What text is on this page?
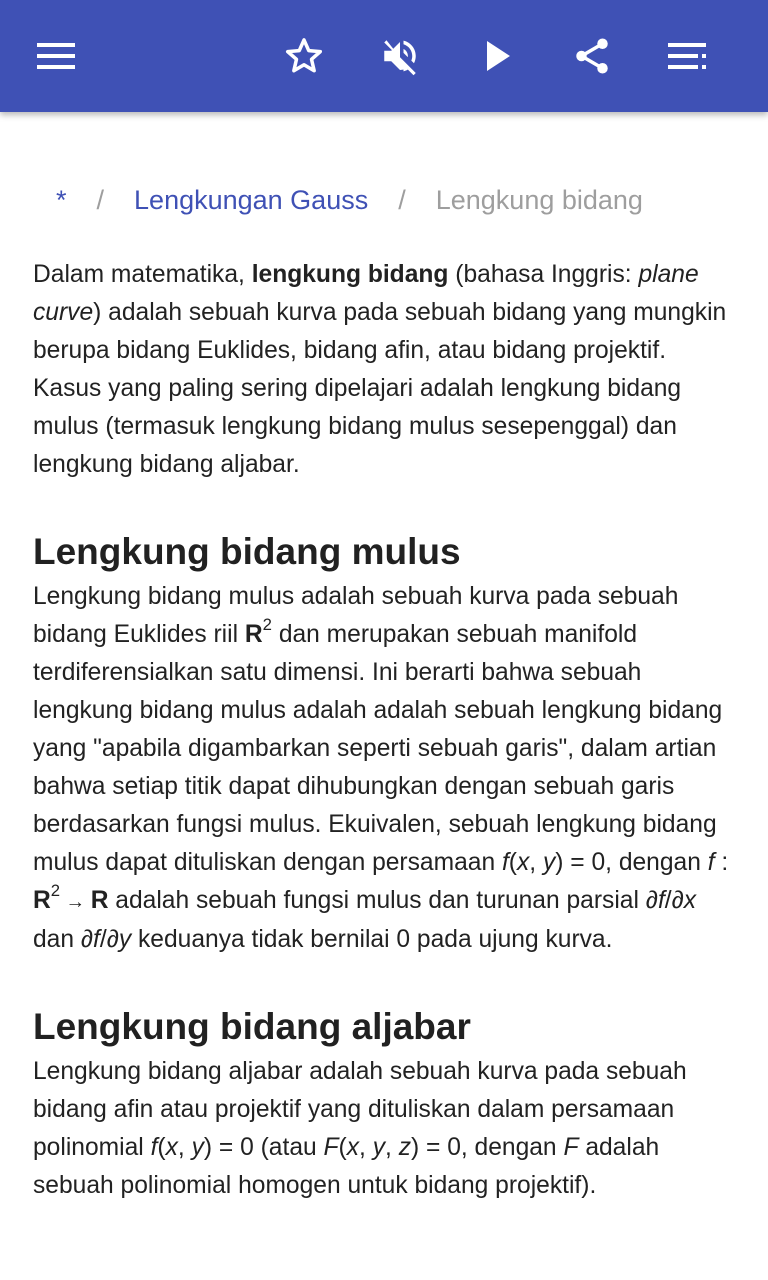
* / Lengkungan Gauss / Lengkung bidang

Dalam matematika, lengkung bidang (bahasa Inggris: plane curve) adalah sebuah kurva pada sebuah bidang yang mungkin berupa bidang Euklides, bidang afin, atau bidang projektif. Kasus yang paling sering dipelajari adalah lengkung bidang mulus (termasuk lengkung bidang mulus sesepenggal) dan lengkung bidang aljabar.

Lengkung bidang mulus

Lengkung bidang mulus adalah sebuah kurva pada sebuah bidang Euklides riil $R^2$ dan merupakan sebuah manifold terdiferensialkan satu dimensi. Ini berarti bahwa sebuah lengkung bidang mulus adalah adalah sebuah lengkung bidang yang "apabila digambarkan seperti sebuah garis", dalam artian bahwa setiap titik dapat dihubungkan dengan sebuah garis berdasarkan fungsi mulus. Ekuivalen, sebuah lengkung bidang mulus dapat dituliskan dengan persamaan f(x, y) = 0, dengan f : $R^2 \to R$ adalah sebuah fungsi mulus dan turunan parsial ∂f/∂x dan ∂f/∂y keduanya tidak bernilai 0 pada ujung kurva.

Lengkung bidang aljabar

Lengkung bidang aljabar adalah sebuah kurva pada sebuah bidang afin atau projektif yang dituliskan dalam persamaan polinomial f(x, y) = 0 (atau F(x, y, z) = 0, dengan F adalah sebuah polinomial homogen untuk bidang projektif).
